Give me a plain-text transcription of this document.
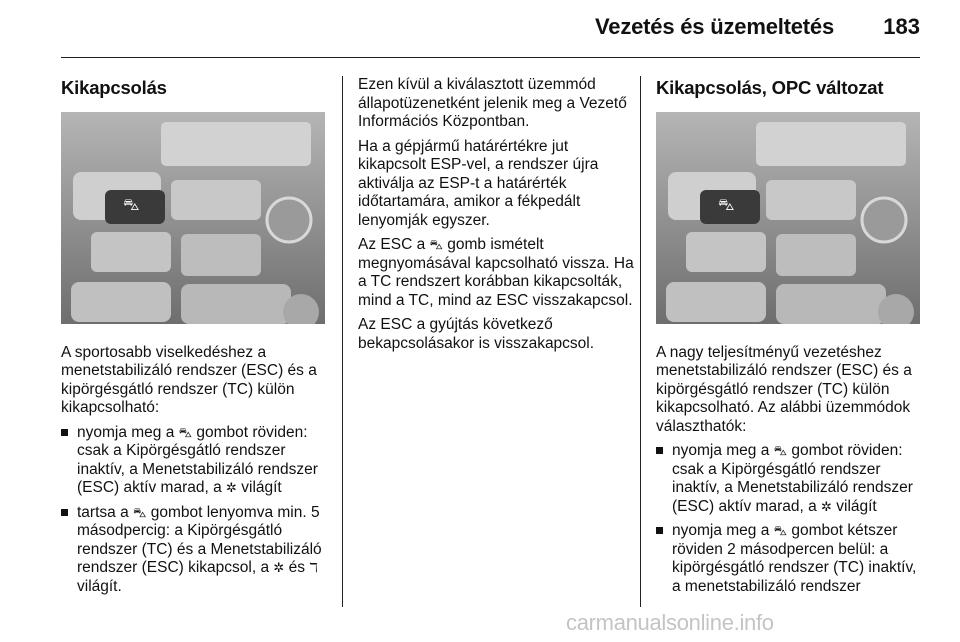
Vezetés és üzemeltetés 183
Kikapcsolás
⛍

A sportosabb viselkedéshez a menetstabilizáló rendszer (ESC) és a kipörgésgátló rendszer (TC) külön kikapcsolható:

nyomja meg a ⛍ gombot röviden: csak a Kipörgésgátló rendszer inaktív, a Menetstabilizáló rendszer (ESC) aktív marad, a ✲ világít
tartsa a ⛍ gombot lenyomva min. 5 másodpercig: a Kipörgésgátló rendszer (TC) és a Menetstabilizáló rendszer (ESC) kikapcsol, a ✲ és ℸ világít.

Ezen kívül a kiválasztott üzemmód állapotüzenetként jelenik meg a Vezető Információs Központban.

Ha a gépjármű határértékre jut kikapcsolt ESP-vel, a rendszer újra aktiválja az ESP-t a határérték időtartamára, amikor a fékpedált lenyomják egyszer.

Az ESC a ⛍ gomb ismételt megnyomásával kapcsolható vissza. Ha a TC rendszert korábban kikapcsolták, mind a TC, mind az ESC visszakapcsol.

Az ESC a gyújtás következő bekapcsolásakor is visszakapcsol.

Kikapcsolás, OPC változat
⛍

A nagy teljesítményű vezetéshez menetstabilizáló rendszer (ESC) és a kipörgésgátló rendszer (TC) külön kikapcsolható. Az alábbi üzemmódok választhatók:

nyomja meg a ⛍ gombot röviden: csak a Kipörgésgátló rendszer inaktív, a Menetstabilizáló rendszer (ESC) aktív marad, a ✲ világít
nyomja meg a ⛍ gombot kétszer röviden 2 másodpercen belül: a kipörgésgátló rendszer (TC) inaktív, a menetstabilizáló rendszer
carmanualsonline.info
